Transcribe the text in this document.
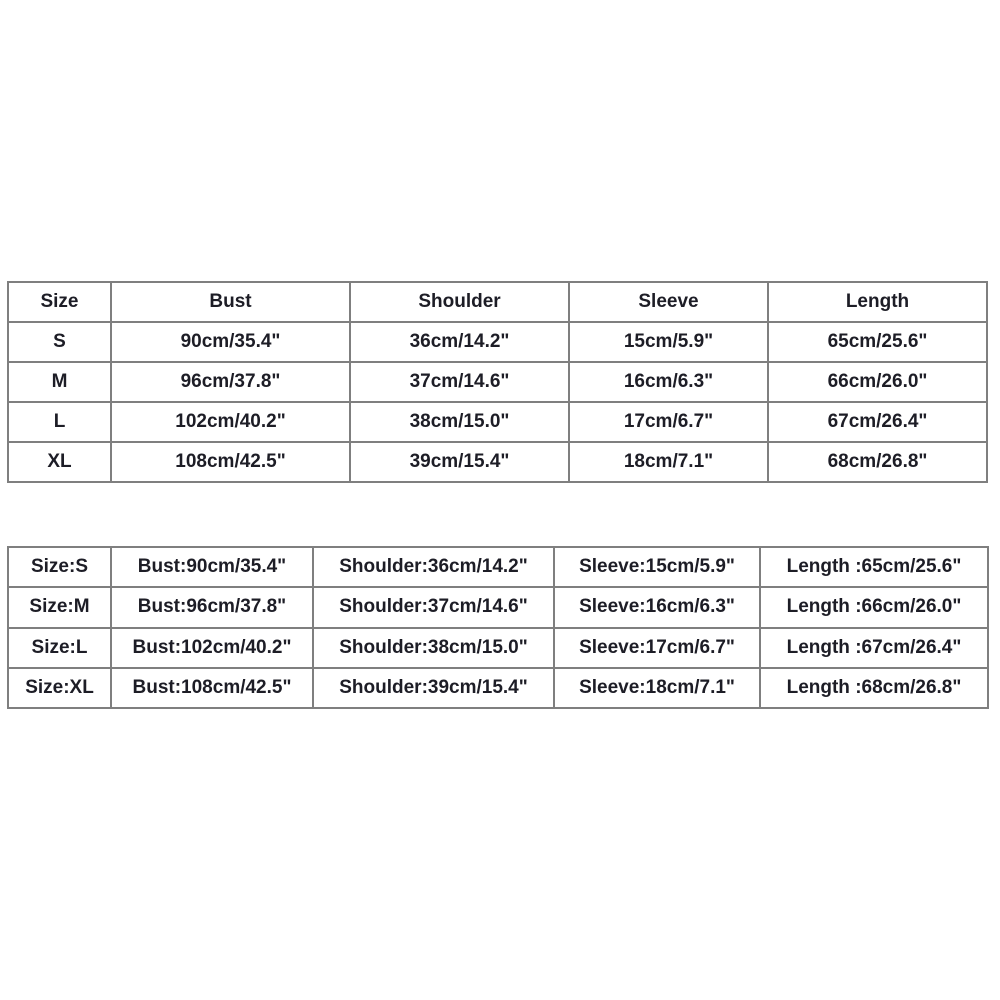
Size	Bust	Shoulder	Sleeve	Length
S	90cm/35.4"	36cm/14.2"	15cm/5.9"	65cm/25.6"
M	96cm/37.8"	37cm/14.6"	16cm/6.3"	66cm/26.0"
L	102cm/40.2"	38cm/15.0"	17cm/6.7"	67cm/26.4"
XL	108cm/42.5"	39cm/15.4"	18cm/7.1"	68cm/26.8"
Size:S	Bust:90cm/35.4"	Shoulder:36cm/14.2"	Sleeve:15cm/5.9"	Length :65cm/25.6"
Size:M	Bust:96cm/37.8"	Shoulder:37cm/14.6"	Sleeve:16cm/6.3"	Length :66cm/26.0"
Size:L	Bust:102cm/40.2"	Shoulder:38cm/15.0"	Sleeve:17cm/6.7"	Length :67cm/26.4"
Size:XL	Bust:108cm/42.5"	Shoulder:39cm/15.4"	Sleeve:18cm/7.1"	Length :68cm/26.8"
